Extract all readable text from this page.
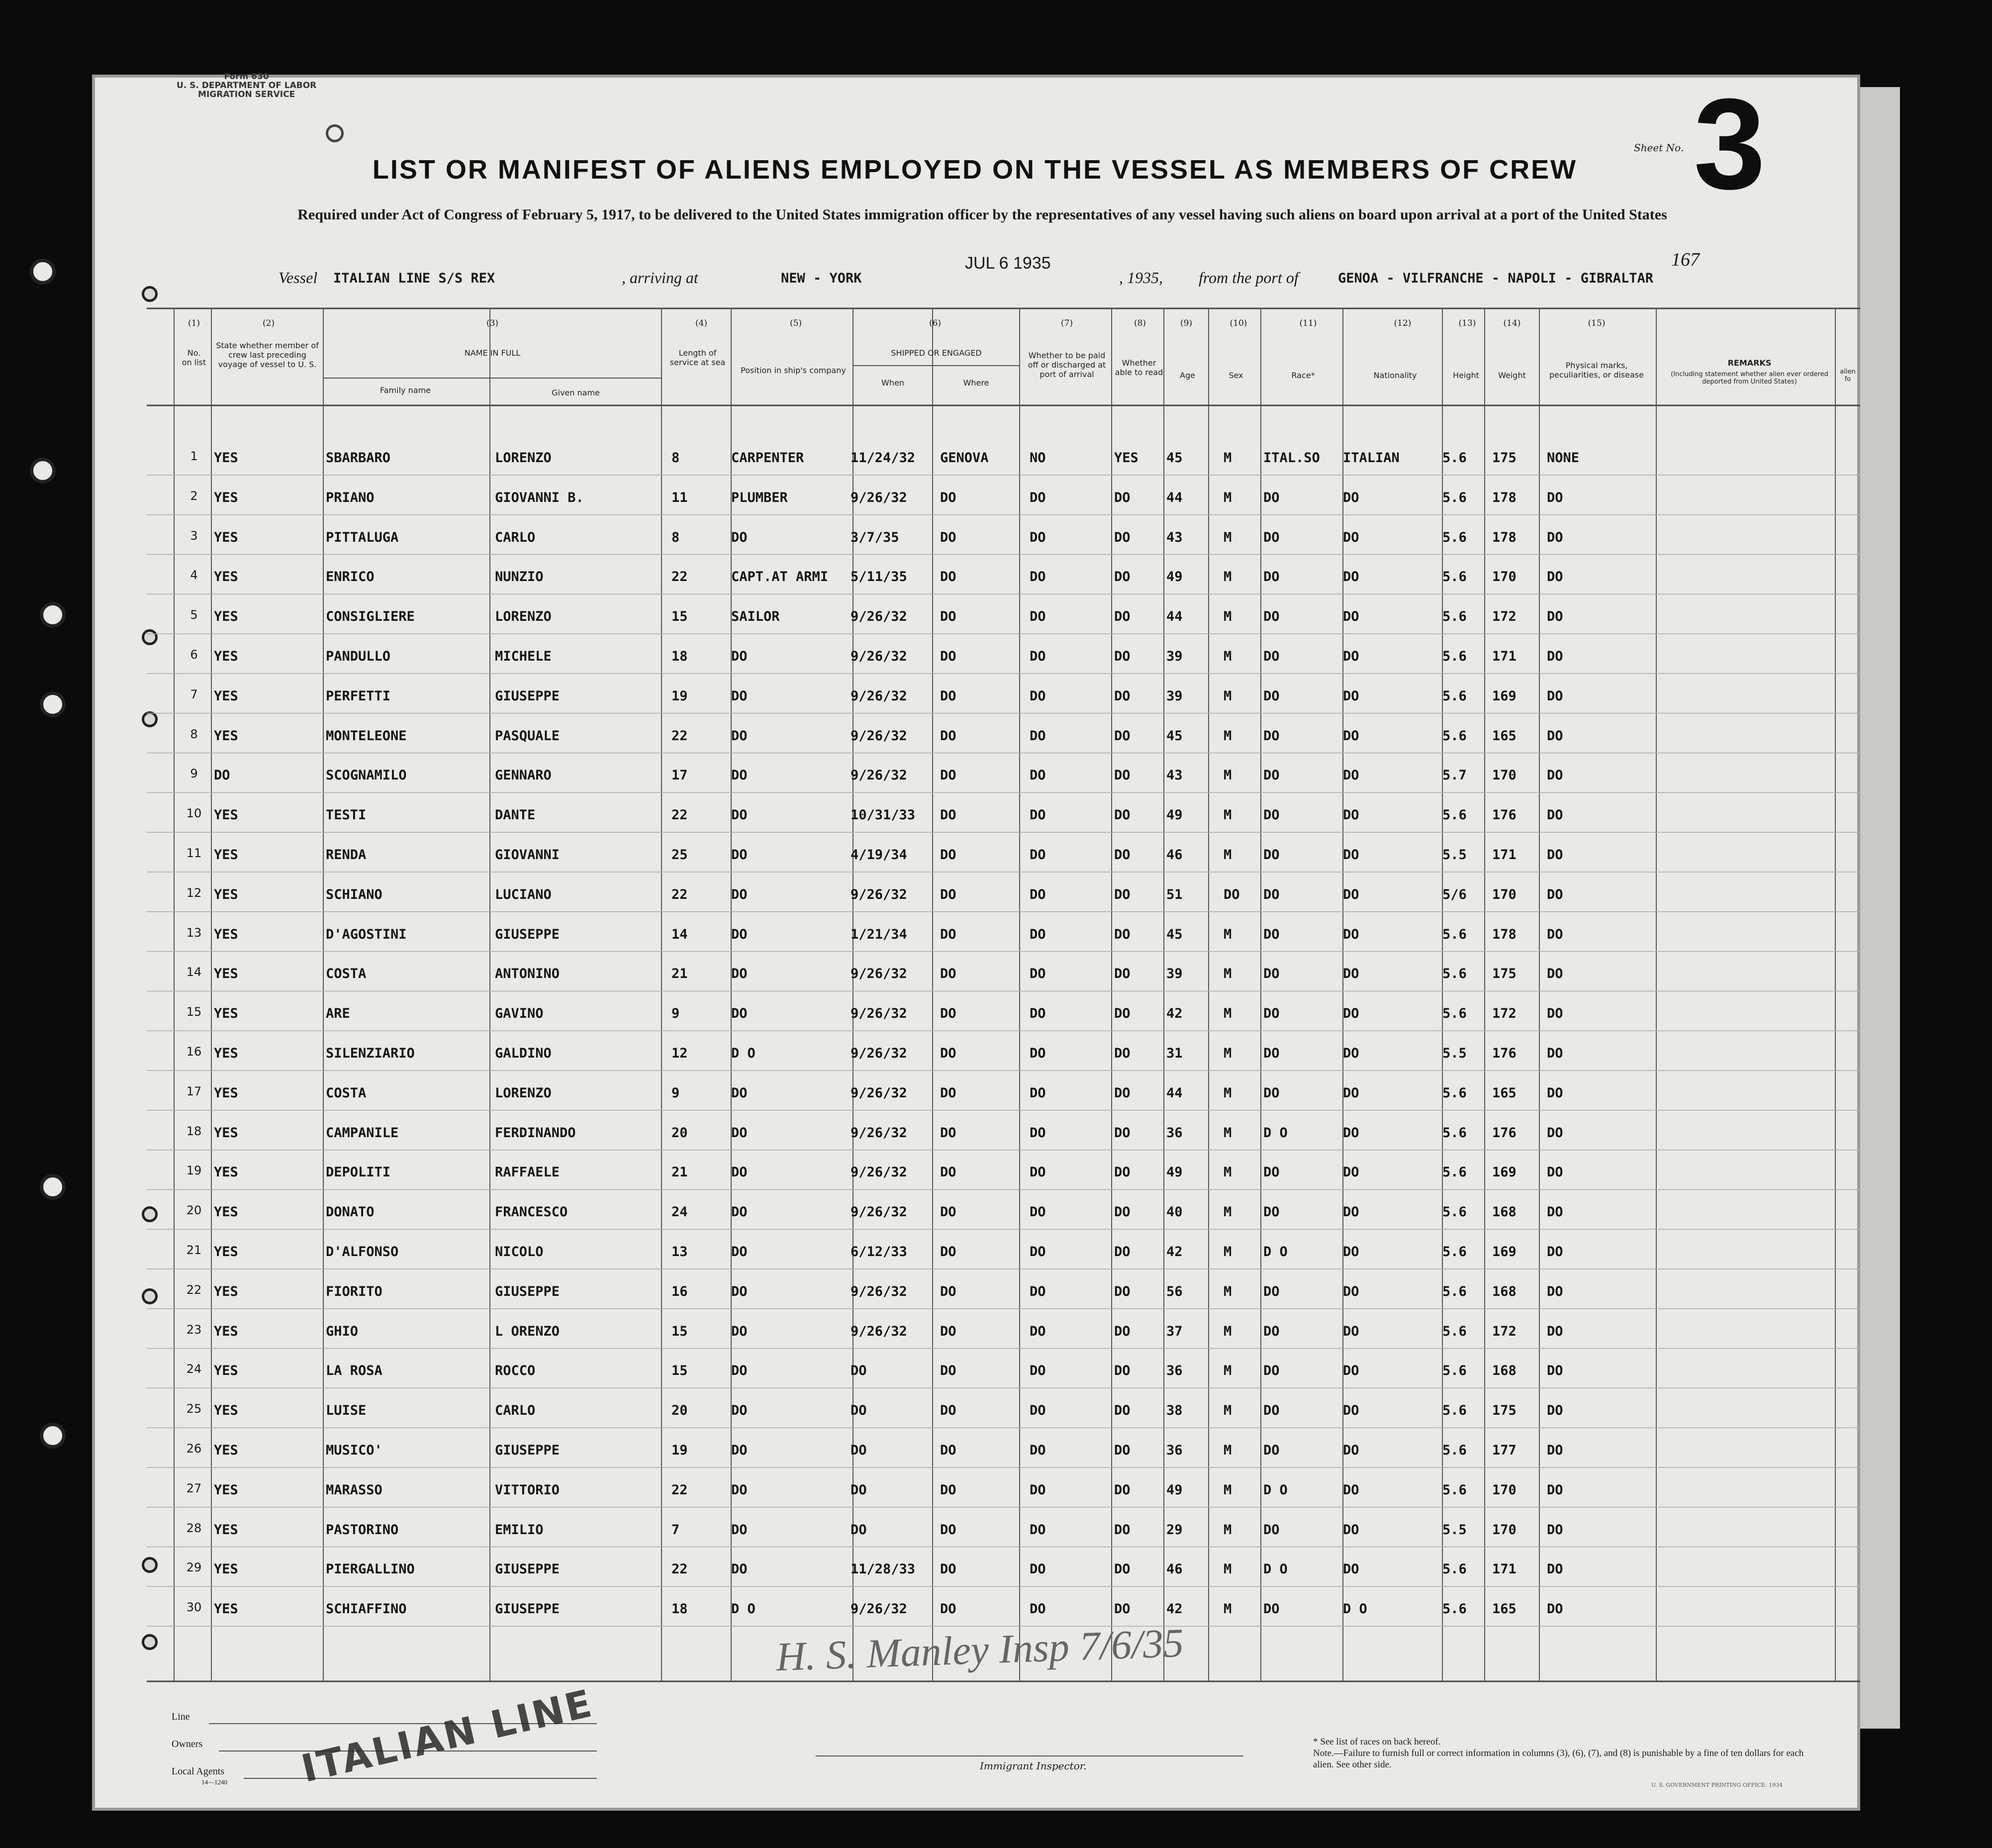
Form 630
U. S. DEPARTMENT OF LABOR
MIGRATION SERVICE
LIST OR MANIFEST OF ALIENS EMPLOYED ON THE VESSEL AS MEMBERS OF CREW
Sheet No. 3
Required under Act of Congress of February 5, 1917, to be delivered to the United States immigration officer by the representatives of any vessel having such aliens on board upon arrival at a port of the United States
Vessel ITALIAN LINE S/S REX	, arriving at	NEW - YORK
JUL 6 1935
, 1935, from the port of	GENOA - VILFRANCHE - NAPOLI - GIBRALTAR
167
(1)	(2)	(3)	(4)	(5)	(6)	(7)	(8)	(9)	(10)	(11)	(12)	(13)	(14)	(15)
No. on list
State whether member of crew last preceding voyage of vessel to U. S.
NAME IN FULL
Family name	Given name
Length of service at sea
Position in ship's company
SHIPPED OR ENGAGED
When	Where
Whether to be paid off or discharged at port of arrival
Whether able to read	Age	Sex	Race*	Nationality	Height	Weight
Physical marks, peculiarities, or disease
REMARKS
(Including statement whether alien ever ordered deported from United States)
alien fo
1	YES	SBARBARO	LORENZO	8	CARPENTER	11/24/32 GENOVA	NO	YES 45	M ITAL.SO ITALIAN	5.6 175 NONE
2	YES	PRIANO	GIOVANNI B.	11	PLUMBER	9/26/32 DO	DO	DO	44	M DO	DO	5.6 178 DO
3	YES	PITTALUGA	CARLO	8	DO	3/7/35	DO	DO	DO	43	M DO	DO	5.6 178 DO
4	YES	ENRICO	NUNZIO	22	CAPT.AT ARMI 5/11/35 DO	DO	DO	49	M DO	DO	5.6 170 DO
5	YES	CONSIGLIERE	LORENZO	15	SAILOR	9/26/32 DO	DO	DO	44	M DO	DO	5.6 172 DO
6	YES	PANDULLO	MICHELE	18	DO	9/26/32 DO	DO	DO	39	M DO	DO	5.6 171 DO
7	YES	PERFETTI	GIUSEPPE	19	DO	9/26/32 DO	DO	DO	39	M DO	DO	5.6 169 DO
8	YES	MONTELEONE	PASQUALE	22	DO	9/26/32 DO	DO	DO	45	M DO	DO	5.6 165 DO
9	DO	SCOGNAMILO	GENNARO	17	DO	9/26/32 DO	DO	DO	43	M DO	DO	5.7 170 DO
10 YES	TESTI	DANTE	22	DO	10/31/33 DO	DO	DO	49	M DO	DO	5.6 176 DO
11 YES	RENDA	GIOVANNI	25	DO	4/19/34 DO	DO	DO	46	M DO	DO	5.5 171 DO
12 YES	SCHIANO	LUCIANO	22	DO	9/26/32 DO	DO	DO	51	DO DO	DO	5/6 170 DO
13 YES	D'AGOSTINI	GIUSEPPE	14	DO	1/21/34 DO	DO	DO	45	M DO	DO	5.6 178 DO
14 YES	COSTA	ANTONINO	21	DO	9/26/32 DO	DO	DO	39	M DO	DO	5.6 175 DO
15 YES	ARE	GAVINO	9	DO	9/26/32 DO	DO	DO	42	M DO	DO	5.6 172 DO
16 YES	SILENZIARIO	GALDINO	12	D O	9/26/32 DO	DO	DO	31	M DO	DO	5.5 176 DO
17 YES	COSTA	LORENZO	9	DO	9/26/32 DO	DO	DO	44	M DO	DO	5.6 165 DO
18 YES	CAMPANILE	FERDINANDO	20	DO	9/26/32 DO	DO	DO	36	M D O	DO	5.6 176 DO
19 YES	DEPOLITI	RAFFAELE	21	DO	9/26/32 DO	DO	DO	49	M DO	DO	5.6 169 DO
20 YES	DONATO	FRANCESCO	24	DO	9/26/32 DO	DO	DO	40	M DO	DO	5.6 168 DO
21 YES	D'ALFONSO	NICOLO	13	DO	6/12/33 DO	DO	DO	42	M D O	DO	5.6 169 DO
22 YES	FIORITO	GIUSEPPE	16	DO	9/26/32 DO	DO	DO	56	M DO	DO	5.6 168 DO
23 YES	GHIO	L ORENZO	15	DO	9/26/32 DO	DO	DO	37	M DO	DO	5.6 172 DO
24 YES	LA ROSA	ROCCO	15	DO	DO	DO	DO	DO	36	M DO	DO	5.6 168 DO
25 YES	LUISE	CARLO	20	DO	DO	DO	DO	DO	38	M DO	DO	5.6 175 DO
26 YES	MUSICO'	GIUSEPPE	19	DO	DO	DO	DO	DO	36	M DO	DO	5.6 177 DO
27 YES	MARASSO	VITTORIO	22	DO	DO	DO	DO	DO	49	M D O	DO	5.6 170 DO
28 YES	PASTORINO	EMILIO	7	DO	DO	DO	DO	DO	29	M DO	DO	5.5 170 DO
29 YES	PIERGALLINO	GIUSEPPE	22	DO	11/28/33 DO	DO	DO	46	M D O	DO	5.6 171 DO
30 YES	SCHIAFFINO	GIUSEPPE	18	D O	9/26/32 DO	DO	DO	42	M DO	D O	5.6 165 DO
Line
Owners
Local Agents
14—1240 ITALIAN LINE
H. S. Manley Insp 7/6/35
Immigrant Inspector.
* See list of races on back hereof.
Note.—Failure to furnish full or correct information in columns (3), (6), (7), and (8) is punishable by a fine of ten dollars for each alien. See other side.
U. S. GOVERNMENT PRINTING OFFICE: 1934
